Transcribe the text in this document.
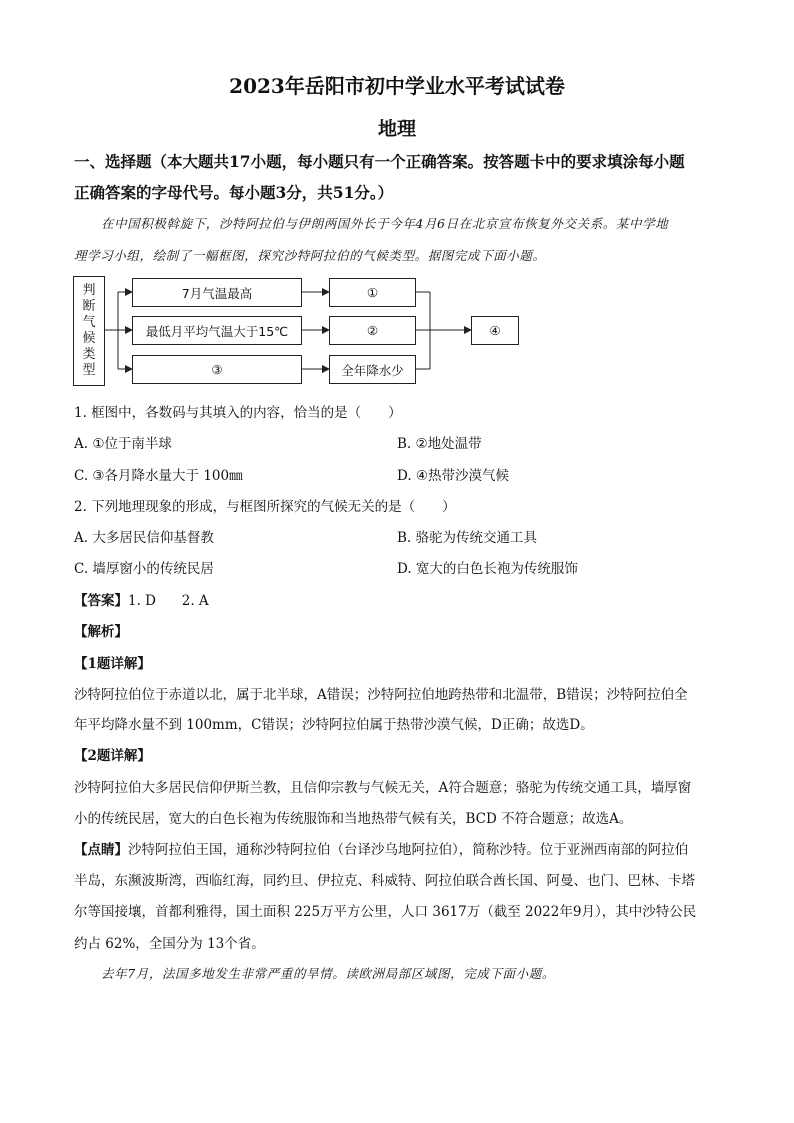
2023年岳阳市初中学业水平考试试卷
地理
一、选择题（本大题共17小题，每小题只有一个正确答案。按答题卡中的要求填涂每小题
正确答案的字母代号。每小题3分，共51分。）
在中国积极斡旋下，沙特阿拉伯与伊朗两国外长于今年4月6日在北京宣布恢复外交关系。某中学地
理学习小组，绘制了一幅框图，探究沙特阿拉伯的气候类型。据图完成下面小题。
判
断
气
候
类
型
7月气温最高
最低月平均气温大于15℃
③
①
②
全年降水少
④
1. 框图中，各数码与其填入的内容，恰当的是（　　）
A. ①位于南半球	B. ②地处温带
C. ③各月降水量大于 100㎜	D. ④热带沙漠气候
2. 下列地理现象的形成，与框图所探究的气候无关的是（　　）
A. 大多居民信仰基督教	B. 骆驼为传统交通工具
C. 墙厚窗小的传统民居	D. 宽大的白色长袍为传统服饰
【答案】1. D      2. A
【解析】
【1题详解】
沙特阿拉伯位于赤道以北，属于北半球，A错误；沙特阿拉伯地跨热带和北温带，B错误；沙特阿拉伯全
年平均降水量不到 100mm，C错误；沙特阿拉伯属于热带沙漠气候，D正确；故选D。
【2题详解】
沙特阿拉伯大多居民信仰伊斯兰教，且信仰宗教与气候无关，A符合题意；骆驼为传统交通工具，墙厚窗
小的传统民居，宽大的白色长袍为传统服饰和当地热带气候有关，BCD 不符合题意；故选A。
【点睛】沙特阿拉伯王国，通称沙特阿拉伯（台译沙乌地阿拉伯），简称沙特。位于亚洲西南部的阿拉伯
半岛，东濒波斯湾，西临红海，同约旦、伊拉克、科威特、阿拉伯联合酋长国、阿曼、也门、巴林、卡塔
尔等国接壤，首都利雅得，国土面积 225万平方公里，人口 3617万（截至 2022年9月），其中沙特公民
约占 62%，全国分为 13个省。
去年7月，法国多地发生非常严重的旱情。读欧洲局部区域图，完成下面小题。
